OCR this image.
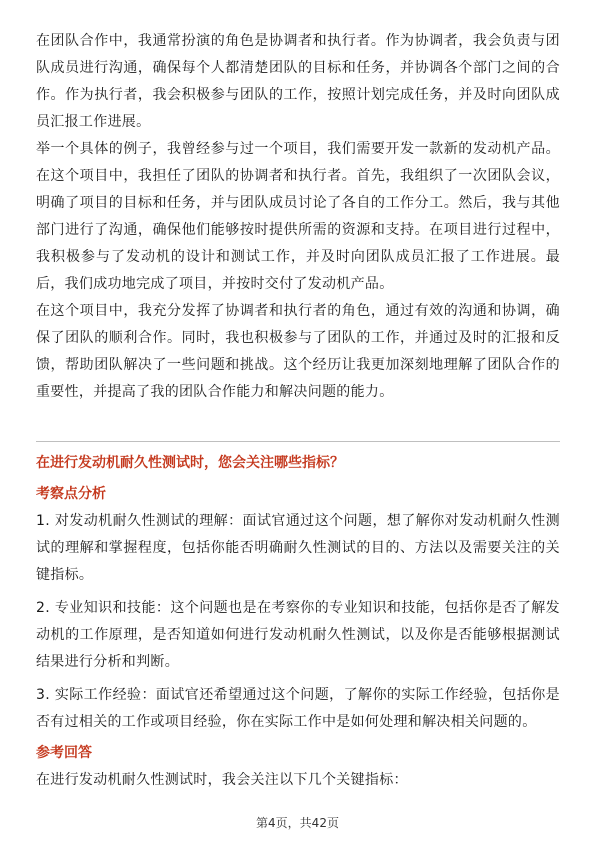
在团队合作中，我通常扮演的角色是协调者和执行者。作为协调者，我会负责与团队成员进行沟通，确保每个人都清楚团队的目标和任务，并协调各个部门之间的合作。作为执行者，我会积极参与团队的工作，按照计划完成任务，并及时向团队成员汇报工作进展。

举一个具体的例子，我曾经参与过一个项目，我们需要开发一款新的发动机产品。在这个项目中，我担任了团队的协调者和执行者。首先，我组织了一次团队会议，明确了项目的目标和任务，并与团队成员讨论了各自的工作分工。然后，我与其他部门进行了沟通，确保他们能够按时提供所需的资源和支持。在项目进行过程中，我积极参与了发动机的设计和测试工作，并及时向团队成员汇报了工作进展。最后，我们成功地完成了项目，并按时交付了发动机产品。

在这个项目中，我充分发挥了协调者和执行者的角色，通过有效的沟通和协调，确保了团队的顺利合作。同时，我也积极参与了团队的工作，并通过及时的汇报和反馈，帮助团队解决了一些问题和挑战。这个经历让我更加深刻地理解了团队合作的重要性，并提高了我的团队合作能力和解决问题的能力。

在进行发动机耐久性测试时，您会关注哪些指标？

考察点分析

1. 对发动机耐久性测试的理解：面试官通过这个问题，想了解你对发动机耐久性测试的理解和掌握程度，包括你能否明确耐久性测试的目的、方法以及需要关注的关键指标。

2. 专业知识和技能：这个问题也是在考察你的专业知识和技能，包括你是否了解发动机的工作原理，是否知道如何进行发动机耐久性测试，以及你是否能够根据测试结果进行分析和判断。

3. 实际工作经验：面试官还希望通过这个问题，了解你的实际工作经验，包括你是否有过相关的工作或项目经验，你在实际工作中是如何处理和解决相关问题的。

参考回答

在进行发动机耐久性测试时，我会关注以下几个关键指标：

第4页，共42页
